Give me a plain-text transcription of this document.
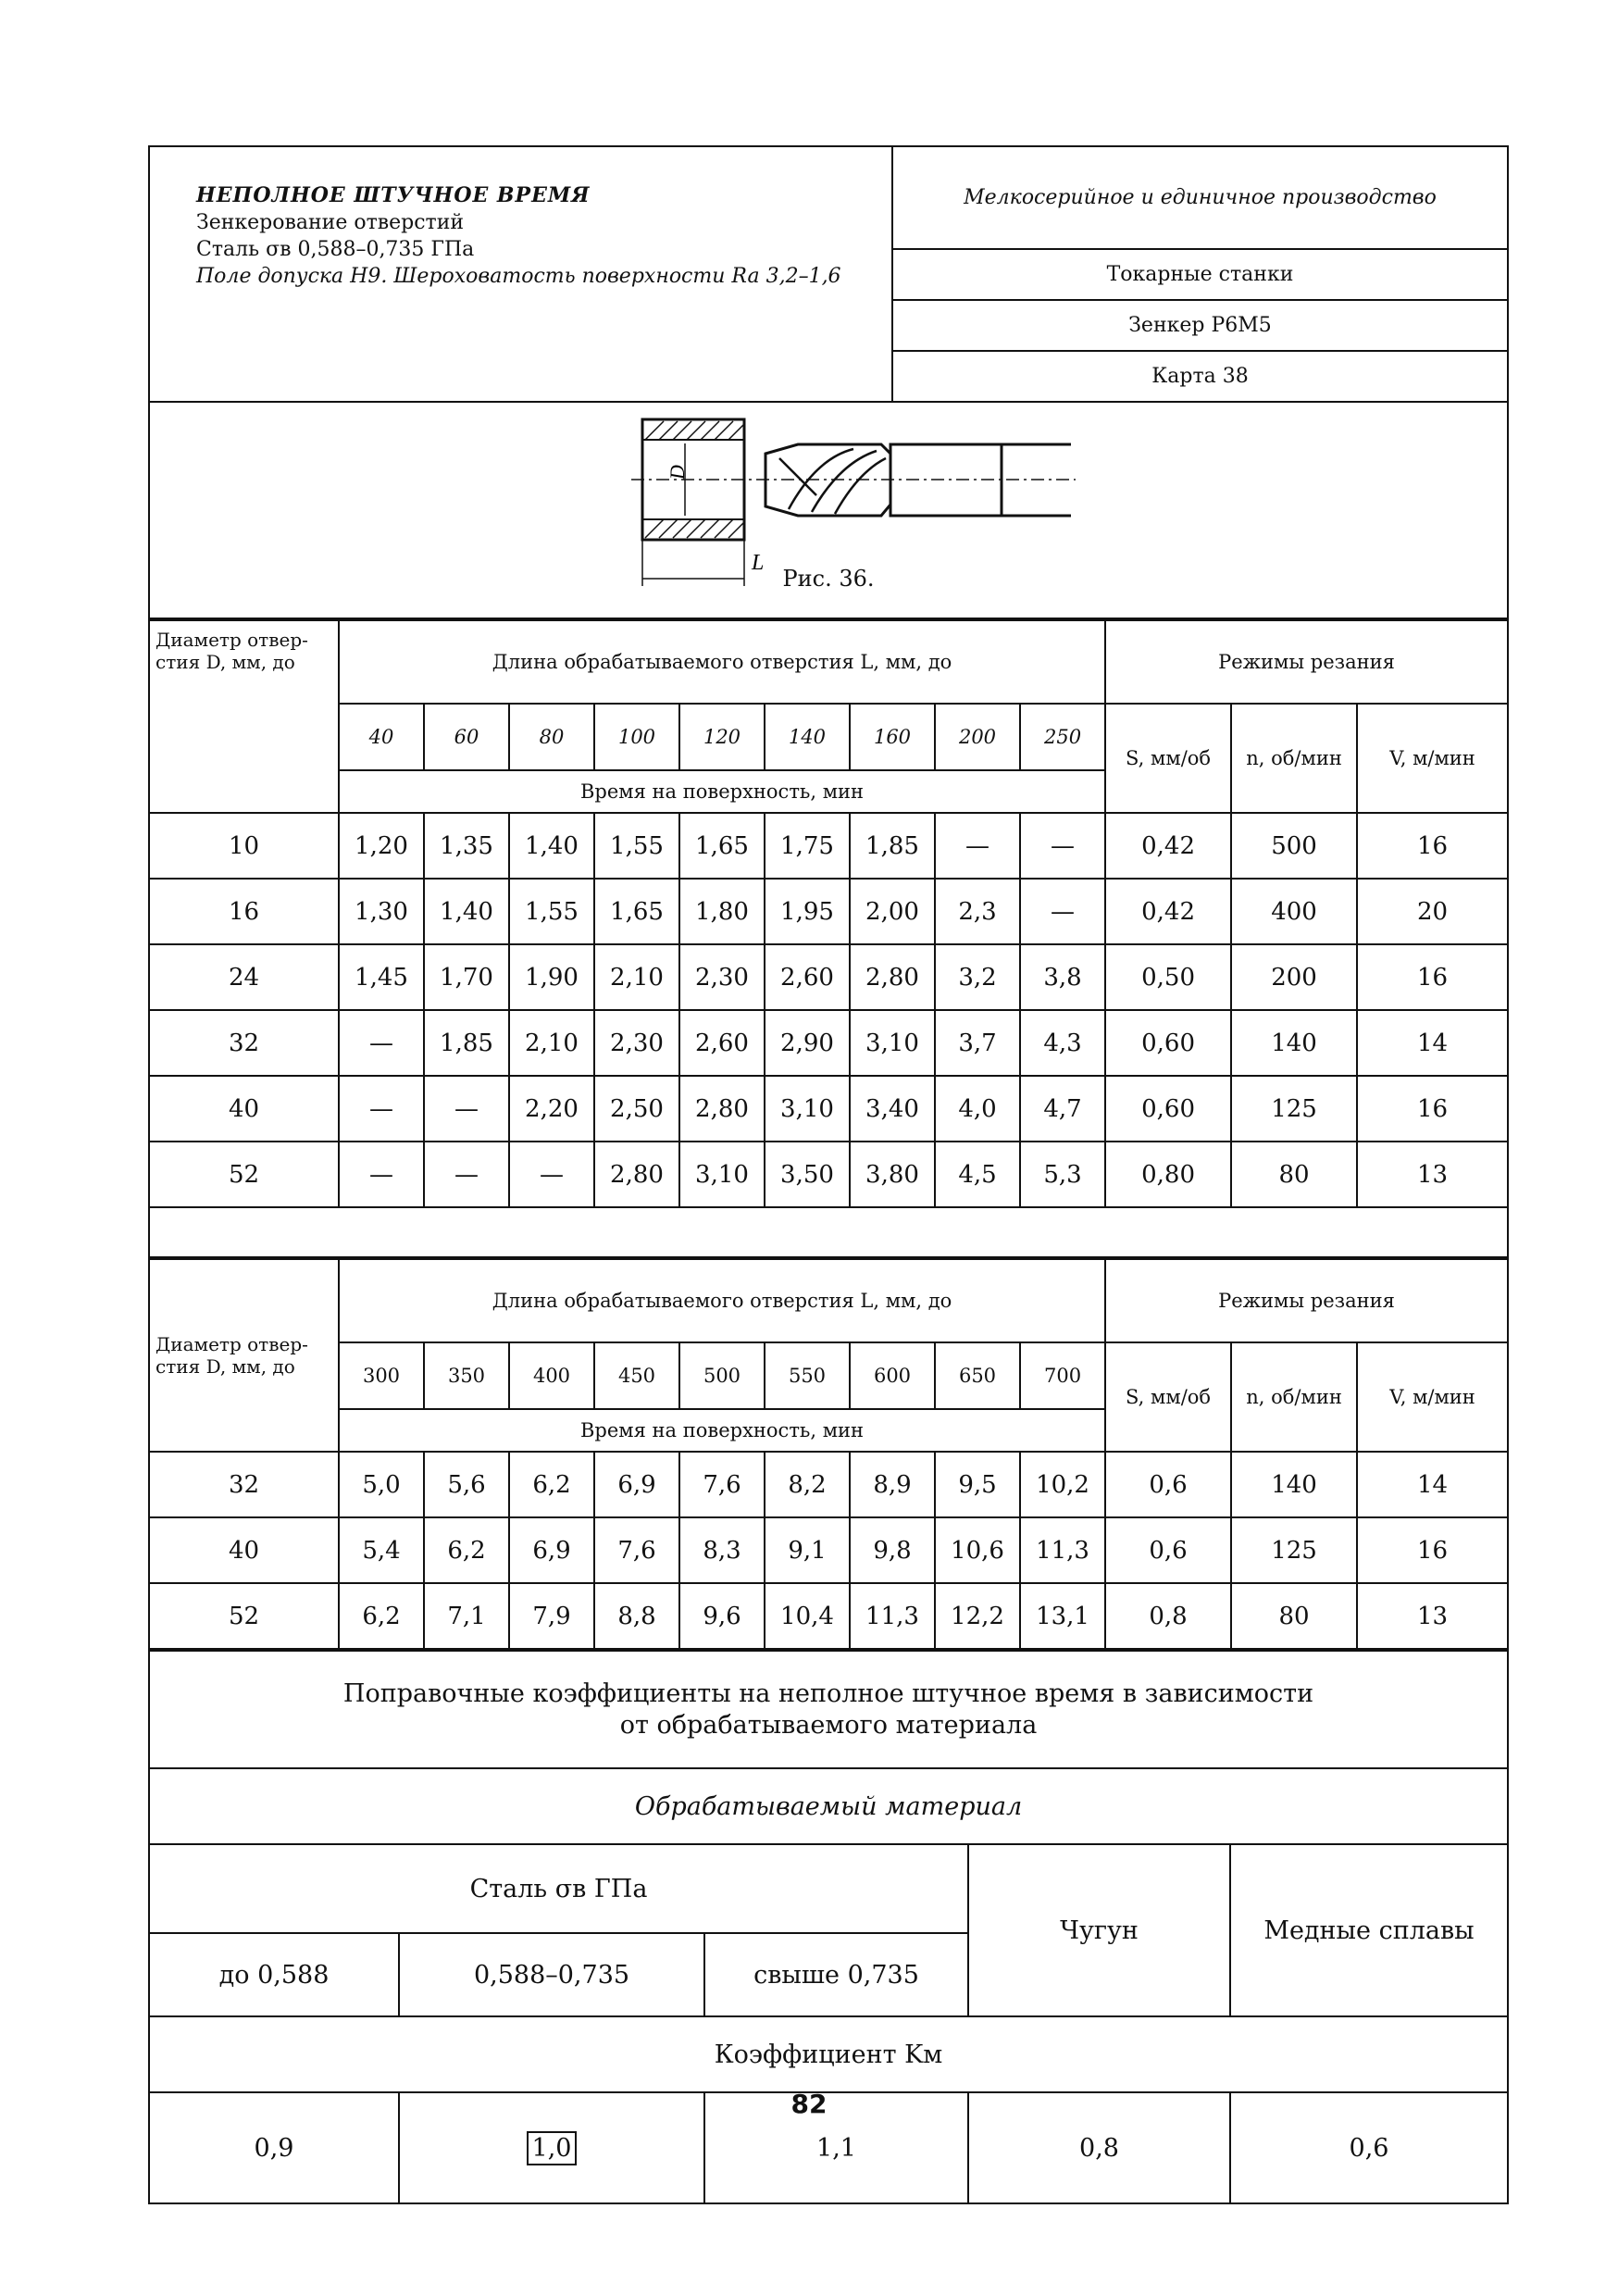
НЕПОЛНОЕ ШТУЧНОЕ ВРЕМЯ
Зенкерование отверстий
Сталь σв 0,588–0,735 ГПа
Поле допуска Н9. Шероховатость поверхности Ra 3,2–1,6
	Мелкосерийное и единичное производство
Токарные станки
Зенкер Р6М5
Карта 38
D
L
Рис. 36.
Диаметр отвер-стия D, мм, до	Длина обрабатываемого отверстия L, мм, до									Режимы резания		
	40	60	80	100	120	140	160	200	250	S, мм/об	n, об/мин	V, м/мин
	Время на поверхность, мин											
10	1,20	1,35	1,40	1,55	1,65	1,75	1,85	—	—	0,42	500	16
16	1,30	1,40	1,55	1,65	1,80	1,95	2,00	2,3	—	0,42	400	20
24	1,45	1,70	1,90	2,10	2,30	2,60	2,80	3,2	3,8	0,50	200	16
32	—	1,85	2,10	2,30	2,60	2,90	3,10	3,7	4,3	0,60	140	14
40	—	—	2,20	2,50	2,80	3,10	3,40	4,0	4,7	0,60	125	16
52	—	—	—	2,80	3,10	3,50	3,80	4,5	5,3	0,80	80	13

Диаметр отвер-стия D, мм, до	Длина обрабатываемого отверстия L, мм, до									Режимы резания		
	300	350	400	450	500	550	600	650	700	S, мм/об	n, об/мин	V, м/мин
	Время на поверхность, мин											
32	5,0	5,6	6,2	6,9	7,6	8,2	8,9	9,5	10,2	0,6	140	14
40	5,4	6,2	6,9	7,6	8,3	9,1	9,8	10,6	11,3	0,6	125	16
52	6,2	7,1	7,9	8,8	9,6	10,4	11,3	12,2	13,1	0,8	80	13
Поправочные коэффициенты на неполное штучное время в зависимости
от обрабатываемого материала				

Обрабатываемый материал				
Сталь σв ГПа			Чугун	Медные сплавы
до 0,588	0,588–0,735	свыше 0,735		
Коэффициент Kм				
0,9	1,0	1,1	0,8	0,6
82
